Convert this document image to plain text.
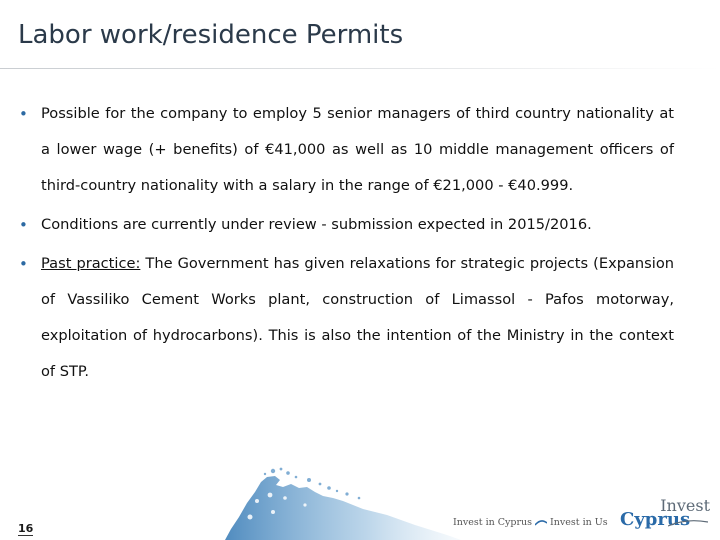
Labor work/residence Permits
• Possible for the company to employ 5 senior managers of third country nationality at a lower wage (+ benefits) of €41,000 as well as 10 middle management officers of third-country nationality with a salary in the range of €21,000 - €40.999.
• Conditions are currently under review - submission expected in 2015/2016.
• Past practice: The Government has given relaxations for strategic projects (Expansion of Vassiliko Cement Works plant, construction of Limassol - Pafos motorway, exploitation of hydrocarbons). This is also the intention of the Ministry in the context of STP.
16	Invest in Cyprus Invest in Us
Invest
Cyprus
